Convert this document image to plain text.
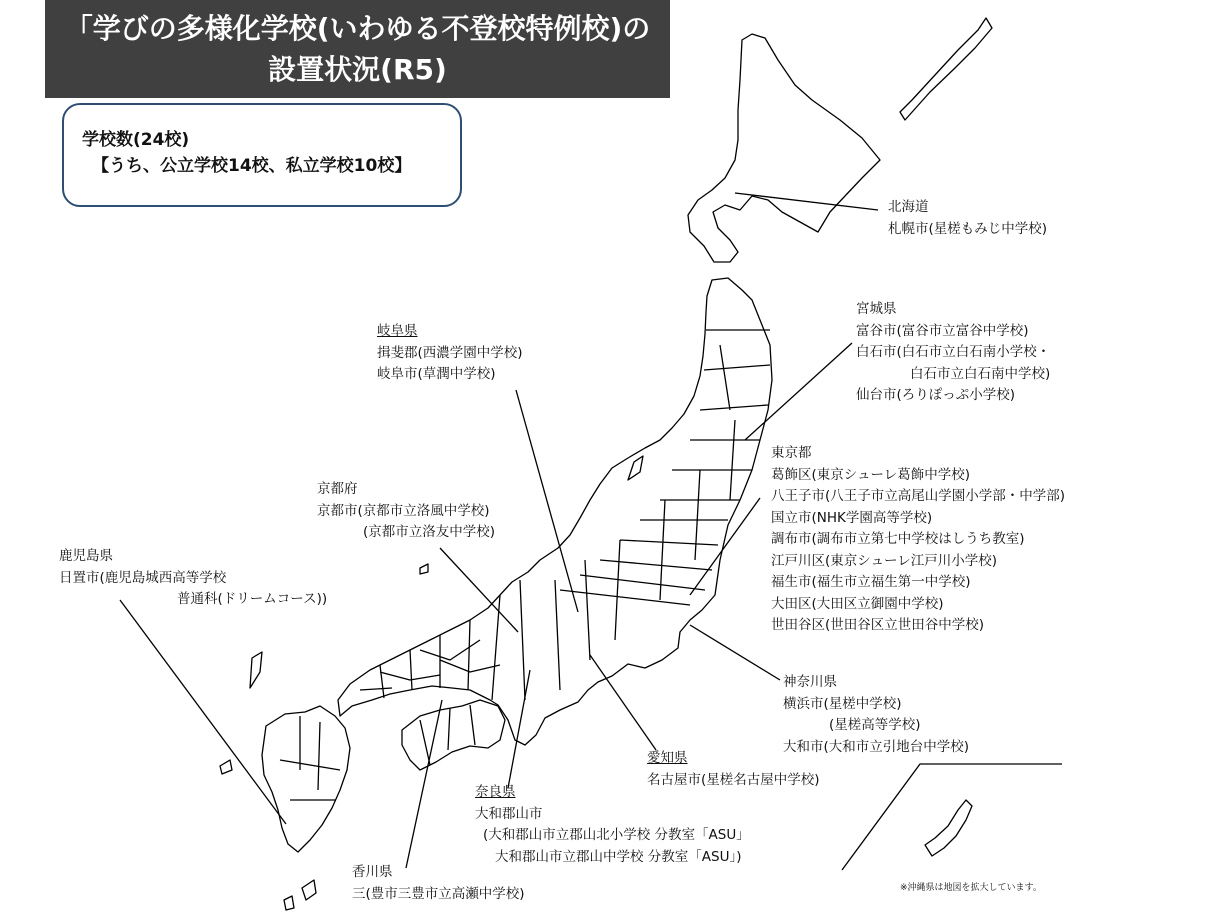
「学びの多様化学校(いわゆる不登校特例校)の
設置状況(R5)
学校数(24校)
【うち、公立学校14校、私立学校10校】
北海道
札幌市(星槎もみじ中学校)
宮城県
富谷市(富谷市立富谷中学校)
白石市(白石市立白石南小学校・
白石市立白石南中学校)
仙台市(ろりぽっぷ小学校)
岐阜県
揖斐郡(西濃学園中学校)
岐阜市(草潤中学校)
東京都
葛飾区(東京シューレ葛飾中学校)
八王子市(八王子市立高尾山学園小学部・中学部)
国立市(NHK学園高等学校)
調布市(調布市立第七中学校はしうち教室)
江戸川区(東京シューレ江戸川小学校)
福生市(福生市立福生第一中学校)
大田区(大田区立御園中学校)
世田谷区(世田谷区立世田谷中学校)
京都府
京都市(京都市立洛風中学校)
(京都市立洛友中学校)
鹿児島県
日置市(鹿児島城西高等学校
普通科(ドリームコース))
神奈川県
横浜市(星槎中学校)
(星槎高等学校)
大和市(大和市立引地台中学校)
愛知県
名古屋市(星槎名古屋中学校)
奈良県
大和郡山市
(大和郡山市立郡山北小学校 分教室「ASU」
大和郡山市立郡山中学校 分教室「ASU」)
香川県
三(豊市三豊市立高瀬中学校)	※沖縄県は地図を拡大しています。
